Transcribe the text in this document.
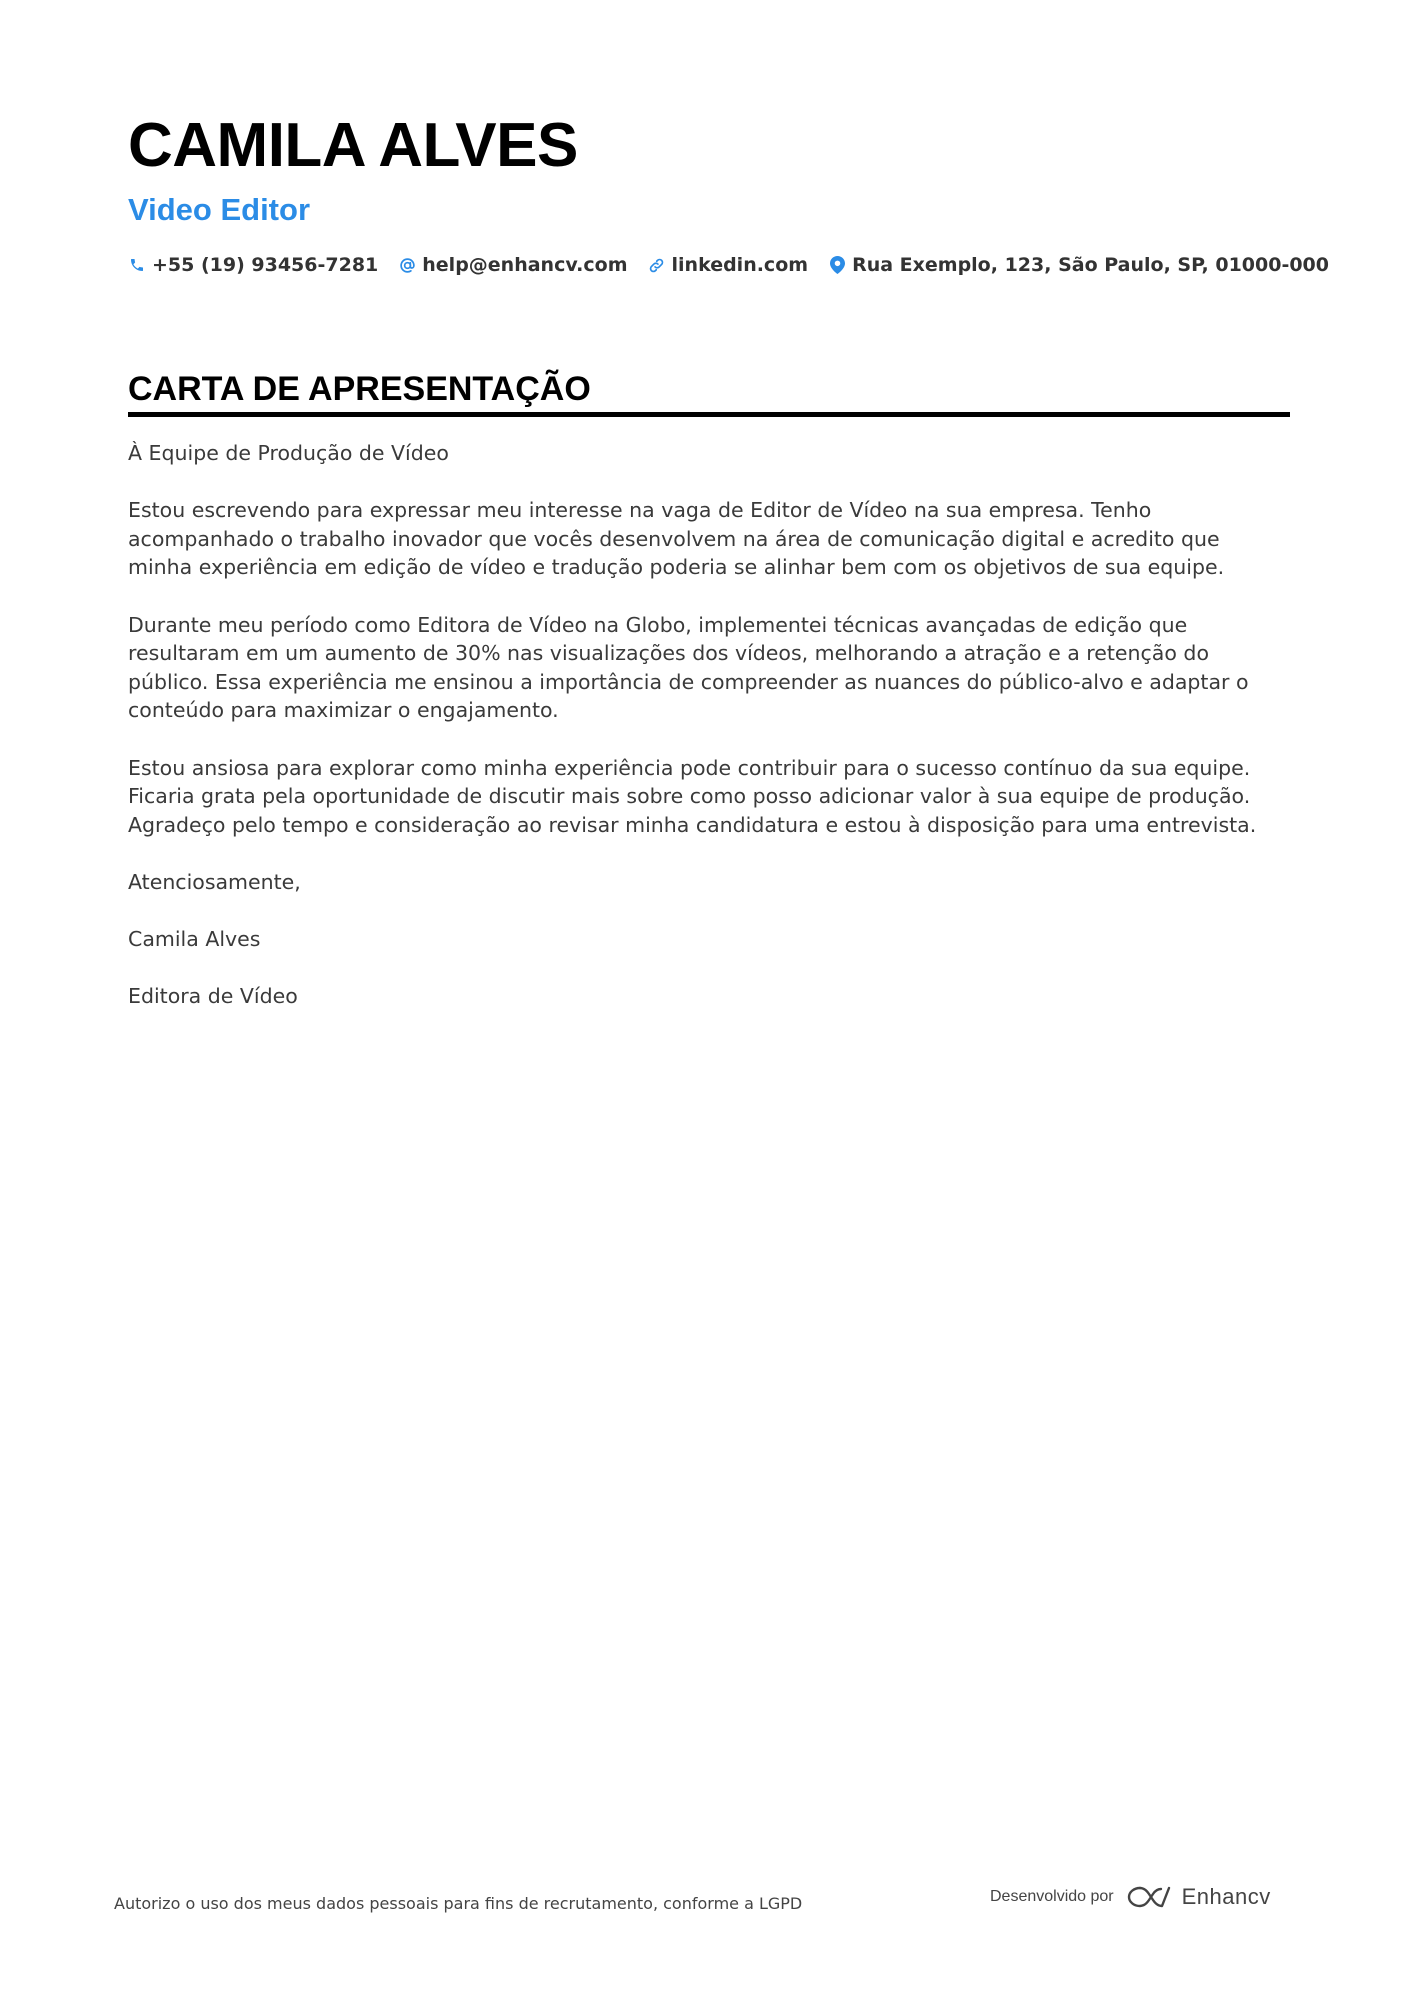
CAMILA ALVES
Video Editor
+55 (19) 93456-7281 help@enhancv.com linkedin.com Rua Exemplo, 123, São Paulo, SP, 01000-000
CARTA DE APRESENTAÇÃO

À Equipe de Produção de Vídeo

Estou escrevendo para expressar meu interesse na vaga de Editor de Vídeo na sua empresa. Tenho acompanhado o trabalho inovador que vocês desenvolvem na área de comunicação digital e acredito que minha experiência em edição de vídeo e tradução poderia se alinhar bem com os objetivos de sua equipe.

Durante meu período como Editora de Vídeo na Globo, implementei técnicas avançadas de edição que resultaram em um aumento de 30% nas visualizações dos vídeos, melhorando a atração e a retenção do público. Essa experiência me ensinou a importância de compreender as nuances do público-alvo e adaptar o conteúdo para maximizar o engajamento.

Estou ansiosa para explorar como minha experiência pode contribuir para o sucesso contínuo da sua equipe. Ficaria grata pela oportunidade de discutir mais sobre como posso adicionar valor à sua equipe de produção. Agradeço pelo tempo e consideração ao revisar minha candidatura e estou à disposição para uma entrevista.

Atenciosamente,

Camila Alves

Editora de Vídeo

Autorizo o uso dos meus dados pessoais para fins de recrutamento, conforme a LGPD	Desenvolvido por	Enhancv
